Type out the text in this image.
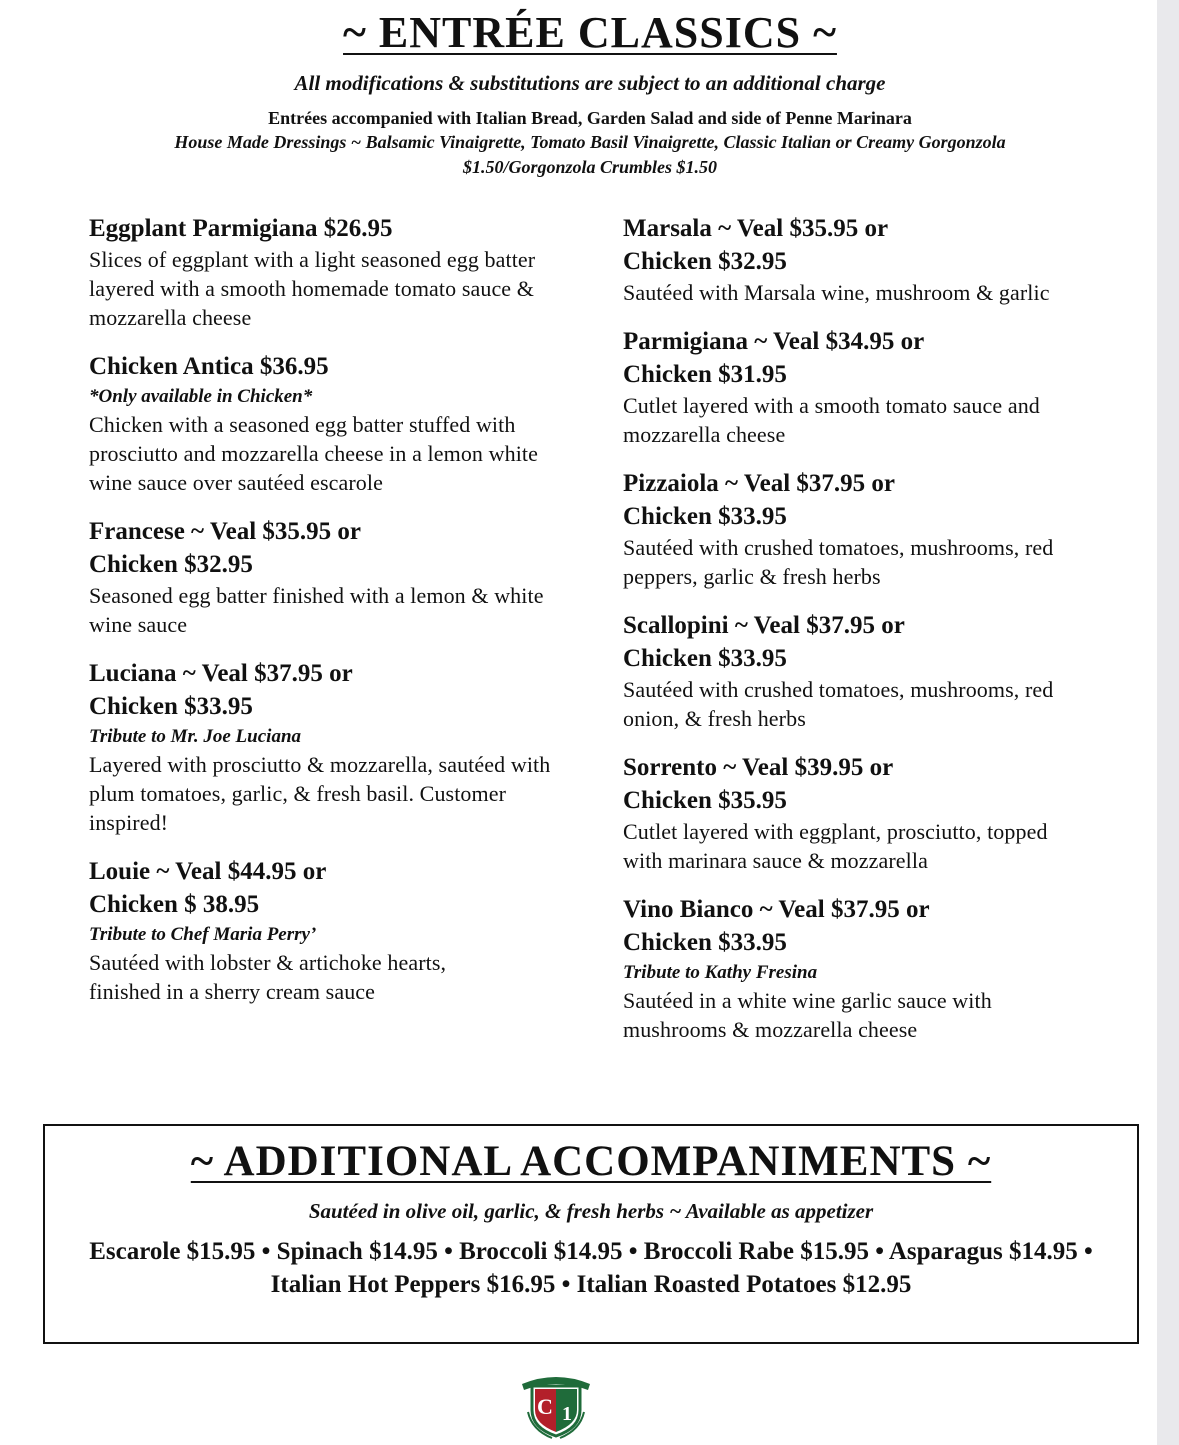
~ ENTRÉE CLASSICS ~
All modifications & substitutions are subject to an additional charge
Entrées accompanied with Italian Bread, Garden Salad and side of Penne Marinara
House Made Dressings ~ Balsamic Vinaigrette, Tomato Basil Vinaigrette, Classic Italian or Creamy Gorgonzola $1.50/Gorgonzola Crumbles $1.50
Eggplant Parmigiana $26.95
Slices of eggplant with a light seasoned egg batter layered with a smooth homemade tomato sauce & mozzarella cheese
Chicken Antica $36.95
*Only available in Chicken*
Chicken with a seasoned egg batter stuffed with prosciutto and mozzarella cheese in a lemon white wine sauce over sautéed escarole
Francese ~ Veal $35.95 or Chicken $32.95
Seasoned egg batter finished with a lemon & white wine sauce
Luciana ~ Veal $37.95 or Chicken $33.95
Tribute to Mr. Joe Luciana
Layered with prosciutto & mozzarella, sautéed with plum tomatoes, garlic, & fresh basil. Customer inspired!
Louie ~ Veal $44.95 or Chicken $ 38.95
Tribute to Chef Maria Perry’
Sautéed with lobster & artichoke hearts, finished in a sherry cream sauce
Marsala ~ Veal $35.95 or Chicken $32.95
Sautéed with Marsala wine, mushroom & garlic
Parmigiana ~ Veal $34.95 or Chicken $31.95
Cutlet layered with a smooth tomato sauce and mozzarella cheese
Pizzaiola ~ Veal $37.95 or Chicken $33.95
Sautéed with crushed tomatoes, mushrooms, red peppers, garlic & fresh herbs
Scallopini ~ Veal $37.95 or Chicken $33.95
Sautéed with crushed tomatoes, mushrooms, red onion, & fresh herbs
Sorrento ~ Veal $39.95 or Chicken $35.95
Cutlet layered with eggplant, prosciutto, topped with marinara sauce & mozzarella
Vino Bianco ~ Veal $37.95 or Chicken $33.95
Tribute to Kathy Fresina
Sautéed in a white wine garlic sauce with mushrooms & mozzarella cheese
~ ADDITIONAL ACCOMPANIMENTS ~
Sautéed in olive oil, garlic, & fresh herbs ~ Available as appetizer
Escarole $15.95 • Spinach $14.95 • Broccoli $14.95 • Broccoli Rabe $15.95 • Asparagus $14.95 • Italian Hot Peppers $16.95 • Italian Roasted Potatoes $12.95
C 1
